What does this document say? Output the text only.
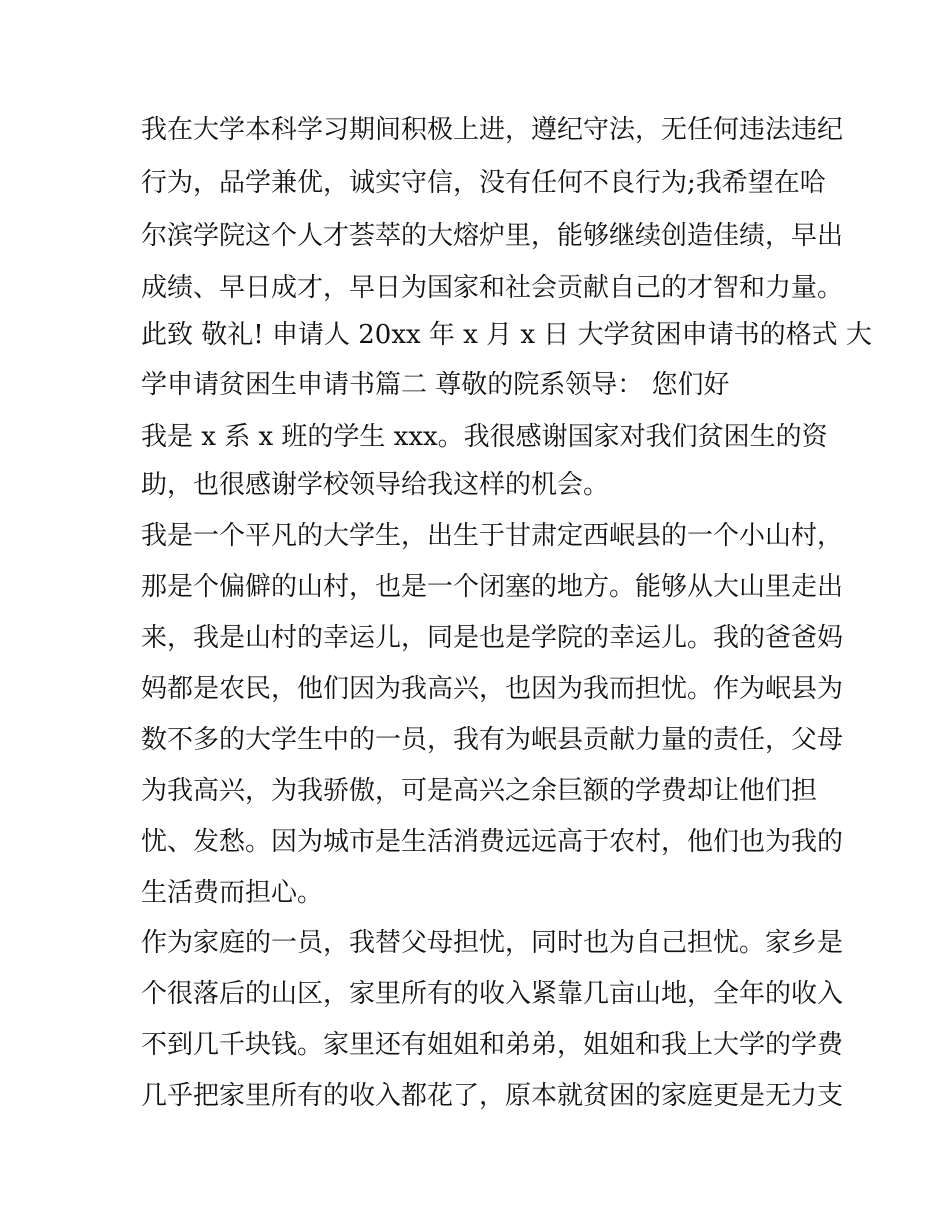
我在大学本科学习期间积极上进，遵纪守法，无任何违法违纪
行为，品学兼优，诚实守信，没有任何不良行为;我希望在哈
尔滨学院这个人才荟萃的大熔炉里，能够继续创造佳绩，早出
成绩、早日成才，早日为国家和社会贡献自己的才智和力量。
此致 敬礼! 申请人 20xx 年 x 月 x 日 大学贫困申请书的格式 大
学申请贫困生申请书篇二 尊敬的院系领导： 您们好
我是 x 系 x 班的学生 xxx。我很感谢国家对我们贫困生的资
助，也很感谢学校领导给我这样的机会。
我是一个平凡的大学生，出生于甘肃定西岷县的一个小山村，
那是个偏僻的山村，也是一个闭塞的地方。能够从大山里走出
来，我是山村的幸运儿，同是也是学院的幸运儿。我的爸爸妈
妈都是农民，他们因为我高兴，也因为我而担忧。作为岷县为
数不多的大学生中的一员，我有为岷县贡献力量的责任，父母
为我高兴，为我骄傲，可是高兴之余巨额的学费却让他们担
忧、发愁。因为城市是生活消费远远高于农村，他们也为我的
生活费而担心。
作为家庭的一员，我替父母担忧，同时也为自己担忧。家乡是
个很落后的山区，家里所有的收入紧靠几亩山地，全年的收入
不到几千块钱。家里还有姐姐和弟弟，姐姐和我上大学的学费
几乎把家里所有的收入都花了，原本就贫困的家庭更是无力支
